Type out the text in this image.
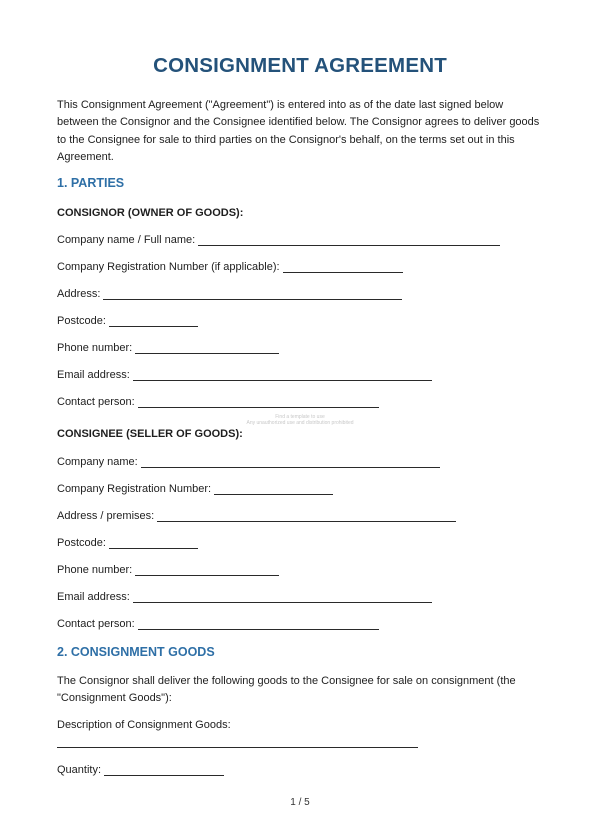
CONSIGNMENT AGREEMENT

This Consignment Agreement ("Agreement") is entered into as of the date last signed below between the Consignor and the Consignee identified below. The Consignor agrees to deliver goods to the Consignee for sale to third parties on the Consignor's behalf, on the terms set out in this Agreement.

1. PARTIES

CONSIGNOR (OWNER OF GOODS):

Company name / Full name:
Company Registration Number (if applicable):
Address:
Postcode:
Phone number:
Email address:
Contact person:
Find a template to use
Any unauthorized use and distribution prohibited

CONSIGNEE (SELLER OF GOODS):

Company name:
Company Registration Number:
Address / premises:
Postcode:
Phone number:
Email address:
Contact person:
2. CONSIGNMENT GOODS

The Consignor shall deliver the following goods to the Consignee for sale on consignment (the "Consignment Goods"):

Description of Consignment Goods:
Quantity:
1 / 5
